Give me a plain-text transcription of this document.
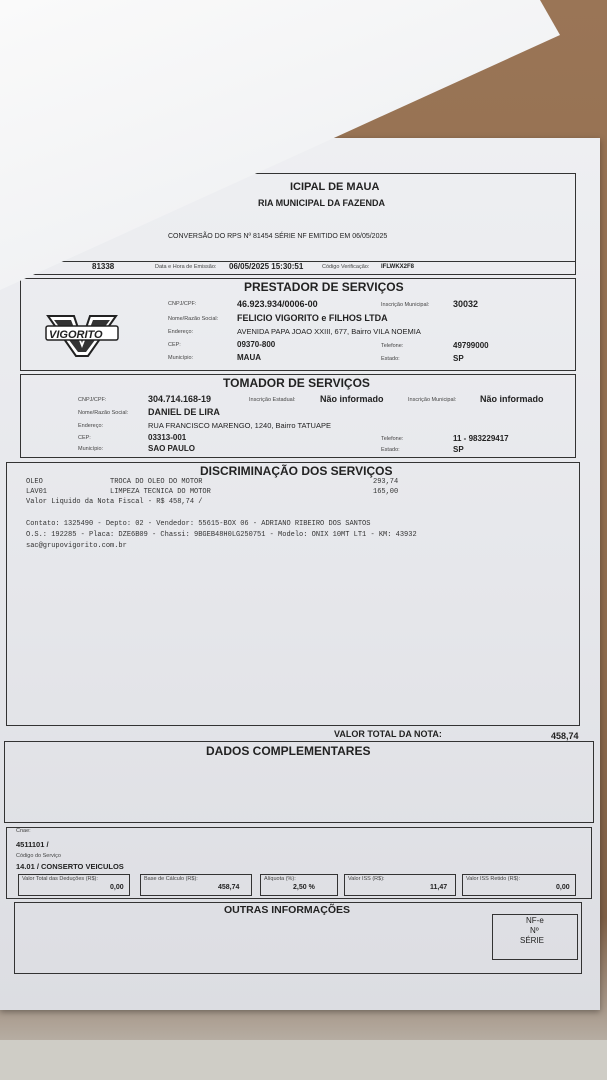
ICIPAL DE MAUA
RIA MUNICIPAL DA FAZENDA
CONVERSÃO DO RPS Nº 81454 SÉRIE NF EMITIDO EM 06/05/2025
81338	Data e Hora de Emissão: 06/05/2025 15:30:51	Código Verificação: IFLWKX2F8
PRESTADOR DE SERVIÇOS
VIGORITO
CNPJ/CPF:	46.923.934/0006-00	Inscrição Municipal:	30032
Nome/Razão Social: FELICIO VIGORITO e FILHOS LTDA
Endereço:	AVENIDA PAPA JOAO XXIII, 677, Bairro VILA NOEMIA
CEP:	09370-800	Telefone:	49799000
Município:	MAUA	Estado:	SP
TOMADOR DE SERVIÇOS
CNPJ/CPF:	304.714.168-19	Inscrição Estadual:	Não informado	Inscrição Municipal:	Não informado
Nome/Razão Social: DANIEL DE LIRA
Endereço:	RUA FRANCISCO MARENGO, 1240, Bairro TATUAPE
CEP:	03313-001	Telefone:	11 - 983229417
Município:	SAO PAULO	Estado:	SP
DISCRIMINAÇÃO DOS SERVIÇOS
OLEO	TROCA DO OLEO DO MOTOR	293,74
LAV01	LIMPEZA TECNICA DO MOTOR	165,00
Valor Liquido da Nota Fiscal - R$ 458,74 /
Contato: 1325490 - Depto: 02 - Vendedor: 55615-BOX 06 - ADRIANO RIBEIRO DOS SANTOS
O.S.: 192285 - Placa: DZE6B09 - Chassi: 9BGEB48H0LG250751 - Modelo: ONIX 10MT LT1 - KM: 43932
sac@grupovigorito.com.br
VALOR TOTAL DA NOTA:	458,74
DADOS COMPLEMENTARES
Cnae:
4511101 /
Código do Serviço
14.01 / CONSERTO VEICULOS
Valor Total das Deduções (R$):
0,00
Base de Cálculo (R$):
458,74
Alíquota (%):
2,50 %
Valor ISS (R$):
11,47
Valor ISS Retido (R$):
0,00
OUTRAS INFORMAÇÕES
NF-e
Nº
SÉRIE
